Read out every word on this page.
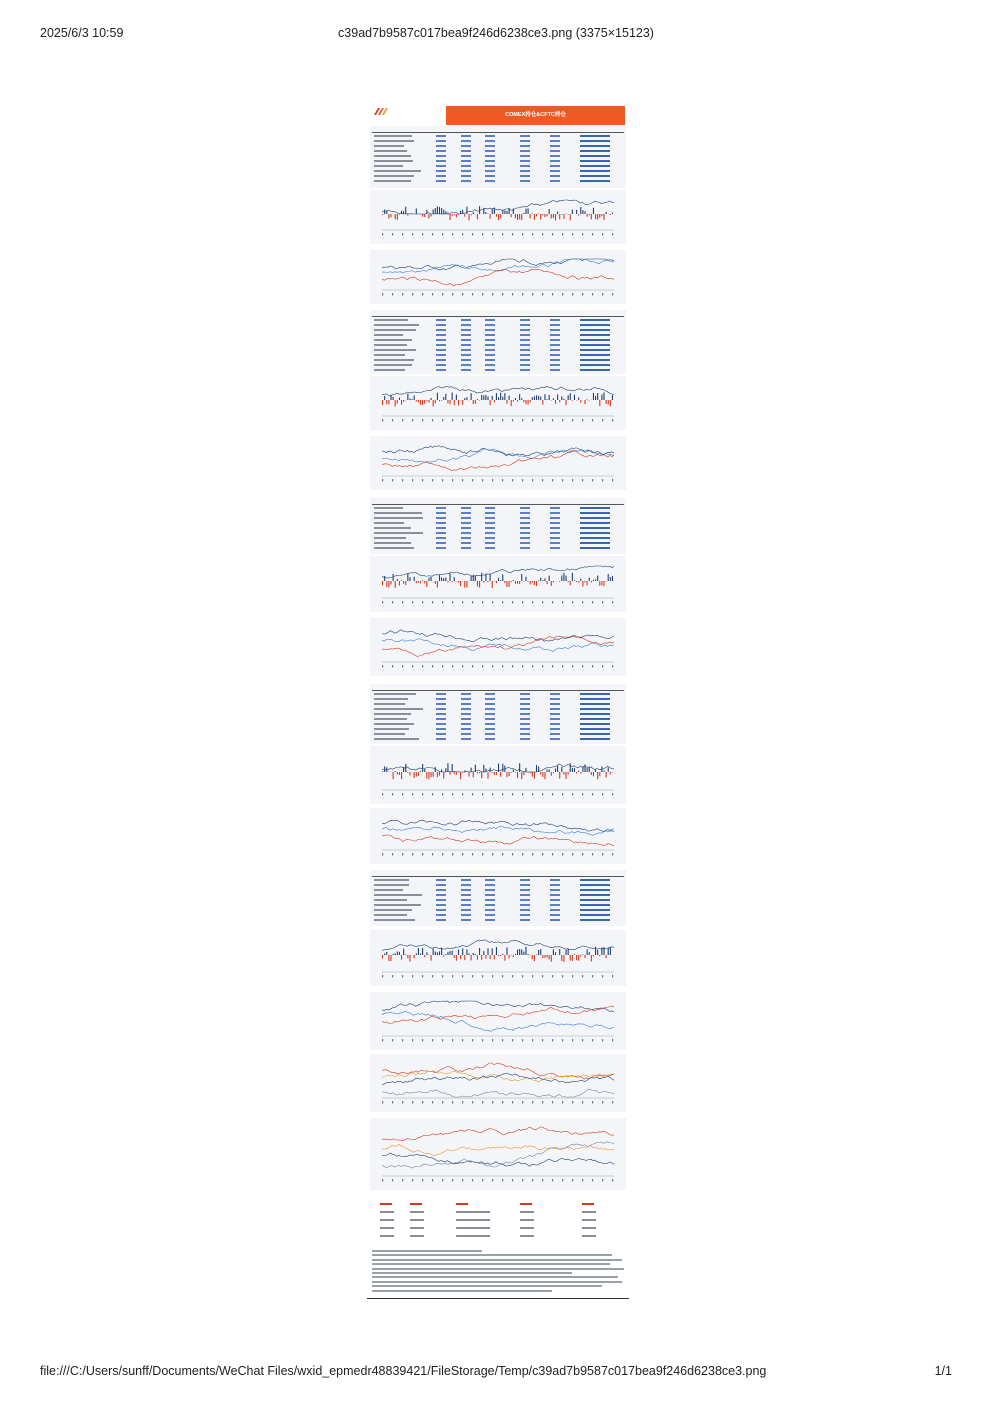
2025/6/3 10:59	c39ad7b9587c017bea9f246d6238ce3.png (3375×15123)
COMEX持仓&CFTC持仓
file:///C:/Users/sunff/Documents/WeChat Files/wxid_epmedr48839421/FileStorage/Temp/c39ad7b9587c017bea9f246d6238ce3.png	1/1
